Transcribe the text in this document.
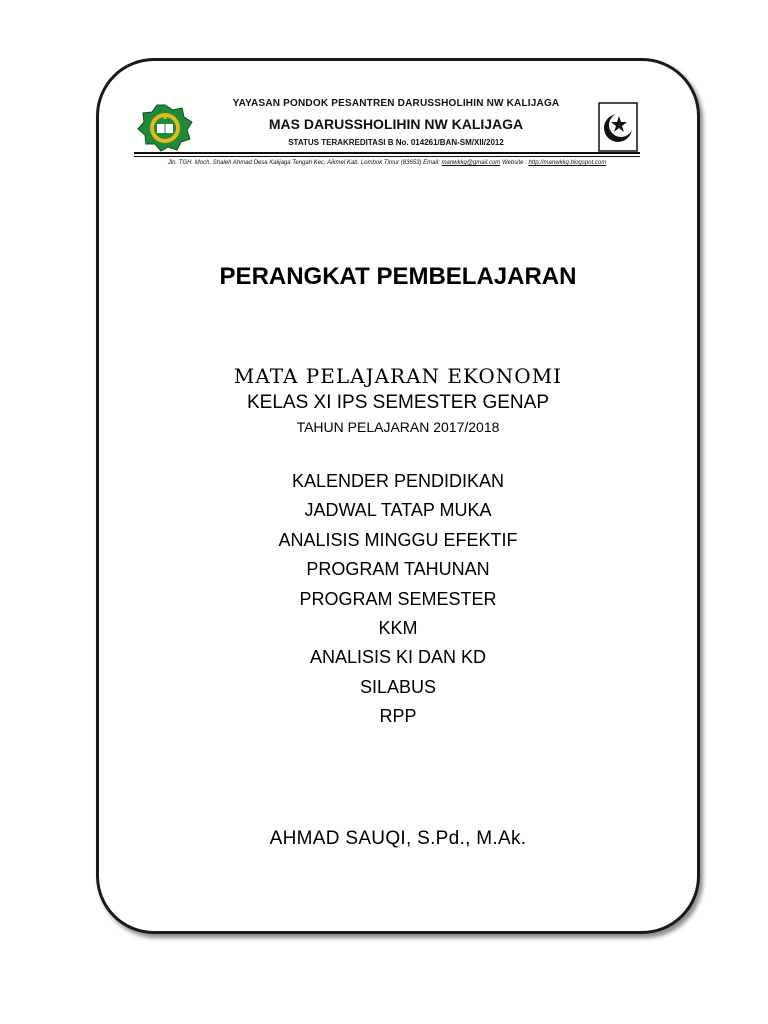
YAYASAN PONDOK PESANTREN DARUSSHOLIHIN NW KALIJAGA
MAS DARUSSHOLIHIN NW KALIJAGA
STATUS TERAKREDITASI B No. 014261/BAN-SM/XII/2012
Jln. TGH. Moch. Shaleh Ahmad Desa Kalijaga Tengah Kec. Aikmel Kab. Lombok Timur (83653) Email: manwkkg@gmail.com Website : http://manwkkg.blogspot.com
PERANGKAT PEMBELAJARAN
MATA PELAJARAN EKONOMI
KELAS XI IPS SEMESTER GENAP
TAHUN PELAJARAN 2017/2018
KALENDER PENDIDIKAN
JADWAL TATAP MUKA
ANALISIS MINGGU EFEKTIF
PROGRAM TAHUNAN
PROGRAM SEMESTER
KKM
ANALISIS KI DAN KD
SILABUS
RPP
AHMAD SAUQI, S.Pd., M.Ak.
